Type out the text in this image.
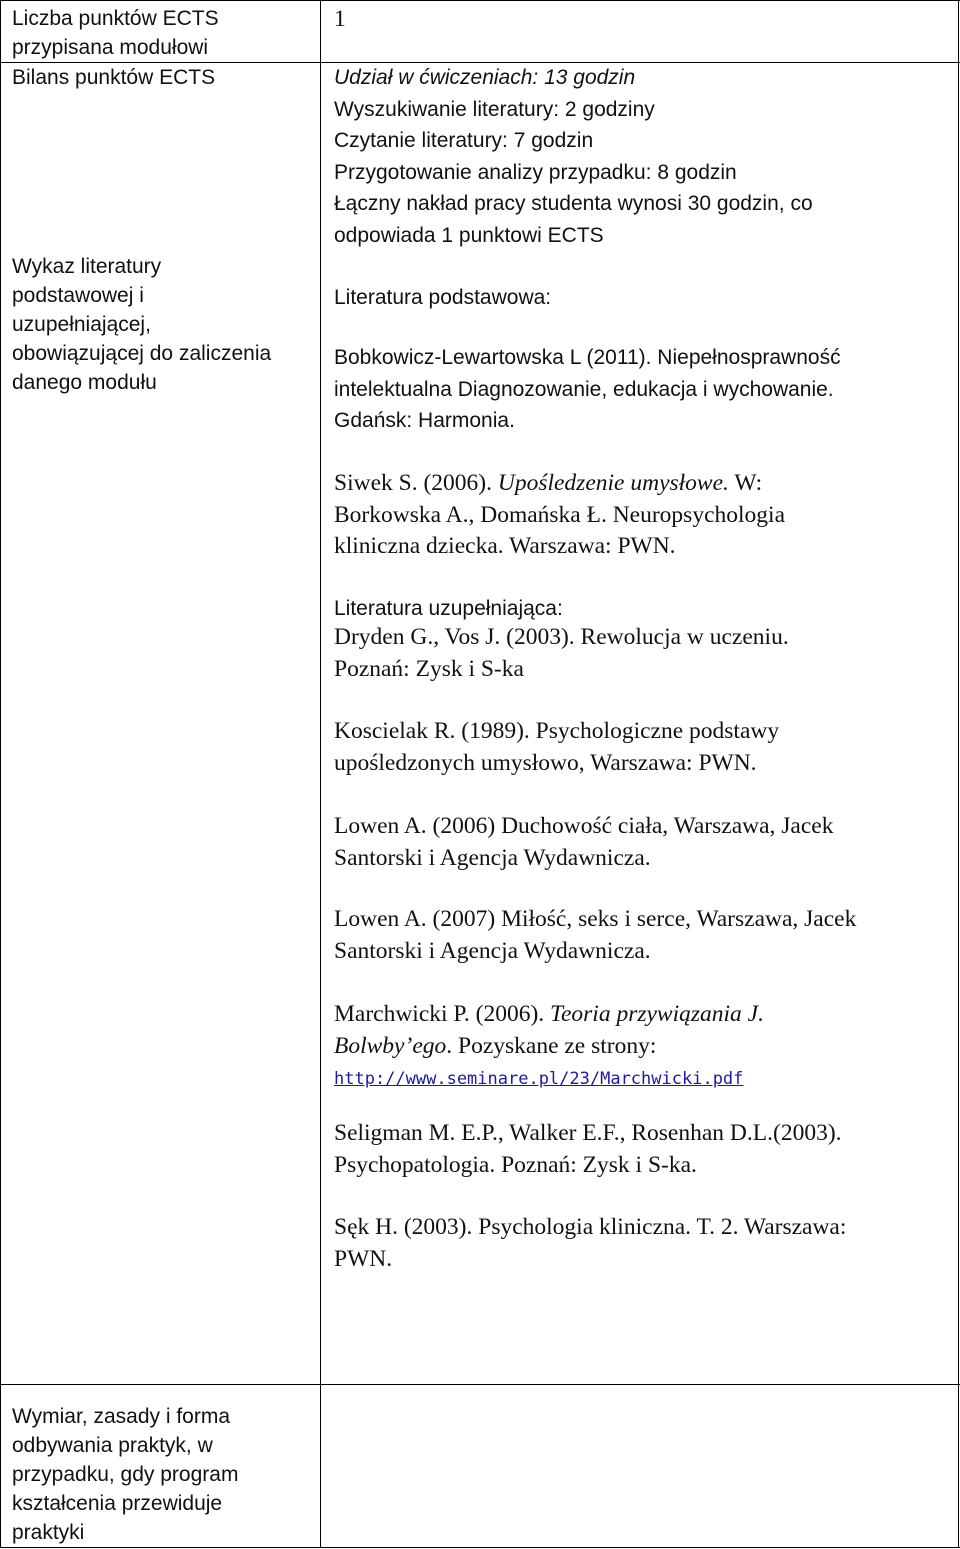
Liczba punktów ECTS
przypisana modułowi
Bilans punktów ECTS
Wykaz literatury
podstawowej i
uzupełniającej,
obowiązującej do zaliczenia
danego modułu
Wymiar, zasady i forma
odbywania praktyk, w
przypadku, gdy program
kształcenia przewiduje
praktyki
1
Udział w ćwiczeniach: 13 godzin
Wyszukiwanie literatury: 2 godziny
Czytanie literatury: 7 godzin
Przygotowanie analizy przypadku: 8 godzin
Łączny nakład pracy studenta wynosi 30 godzin, co
odpowiada 1 punktowi ECTS
Literatura podstawowa:
Bobkowicz-Lewartowska L (2011). Niepełnosprawność
intelektualna Diagnozowanie, edukacja i wychowanie.
Gdańsk: Harmonia.
Siwek S. (2006). Upośledzenie umysłowe. W:
Borkowska A., Domańska Ł. Neuropsychologia
kliniczna dziecka. Warszawa: PWN.
Literatura uzupełniająca:
Dryden G., Vos J. (2003). Rewolucja w uczeniu.
Poznań: Zysk i S-ka
Koscielak R. (1989). Psychologiczne podstawy
upośledzonych umysłowo, Warszawa: PWN.
Lowen A. (2006) Duchowość ciała, Warszawa, Jacek
Santorski i Agencja Wydawnicza.
Lowen A. (2007) Miłość, seks i serce, Warszawa, Jacek
Santorski i Agencja Wydawnicza.
Marchwicki P. (2006). Teoria przywiązania J.
Bolwby’ego. Pozyskane ze strony:
http://www.seminare.pl/23/Marchwicki.pdf
Seligman M. E.P., Walker E.F., Rosenhan D.L.(2003).
Psychopatologia. Poznań: Zysk i S-ka.
Sęk H. (2003). Psychologia kliniczna. T. 2. Warszawa:
PWN.
